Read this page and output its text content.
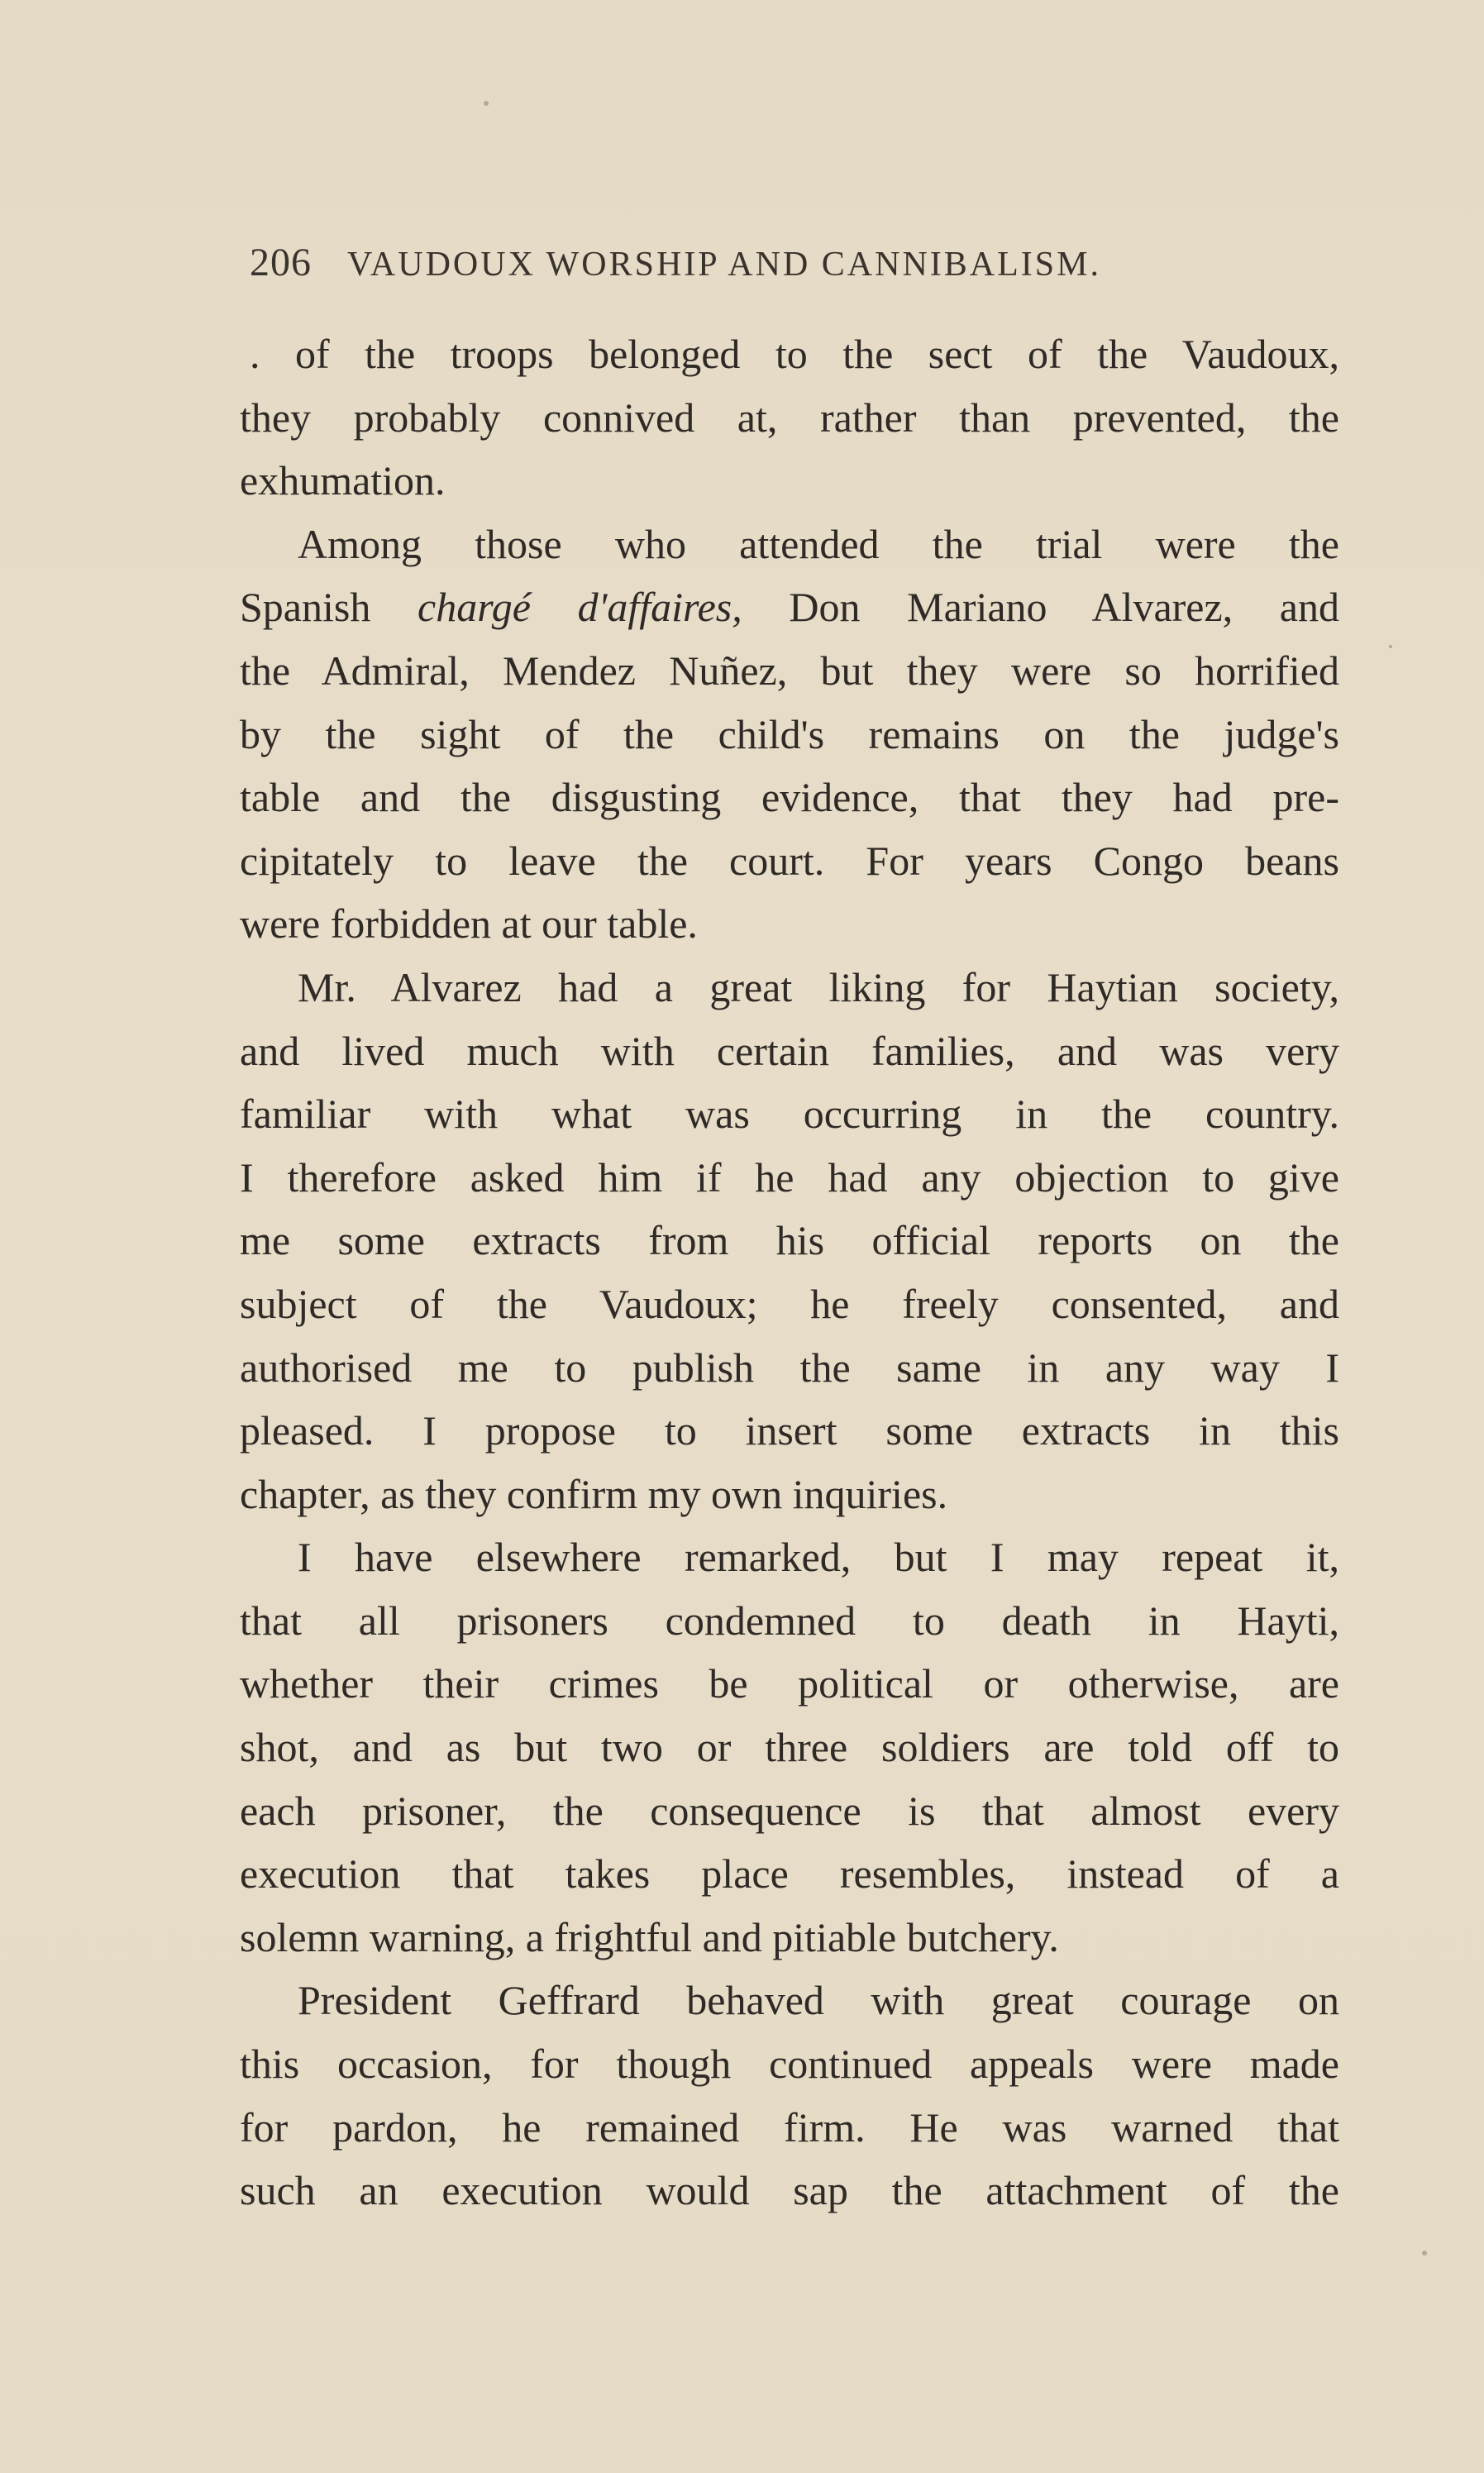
206 VAUDOUX WORSHIP AND CANNIBALISM.
. of the troops belonged to the sect of the Vaudoux,
they probably connived at, rather than prevented, the
exhumation.
Among those who attended the trial were the
Spanish chargé d'affaires, Don Mariano Alvarez, and
the Admiral, Mendez Nuñez, but they were so horrified
by the sight of the child's remains on the judge's
table and the disgusting evidence, that they had pre-
cipitately to leave the court. For years Congo beans
were forbidden at our table.
Mr. Alvarez had a great liking for Haytian society,
and lived much with certain families, and was very
familiar with what was occurring in the country.
I therefore asked him if he had any objection to give
me some extracts from his official reports on the
subject of the Vaudoux; he freely consented, and
authorised me to publish the same in any way I
pleased. I propose to insert some extracts in this
chapter, as they confirm my own inquiries.
I have elsewhere remarked, but I may repeat it,
that all prisoners condemned to death in Hayti,
whether their crimes be political or otherwise, are
shot, and as but two or three soldiers are told off to
each prisoner, the consequence is that almost every
execution that takes place resembles, instead of a
solemn warning, a frightful and pitiable butchery.
President Geffrard behaved with great courage on
this occasion, for though continued appeals were made
for pardon, he remained firm. He was warned that
such an execution would sap the attachment of the
